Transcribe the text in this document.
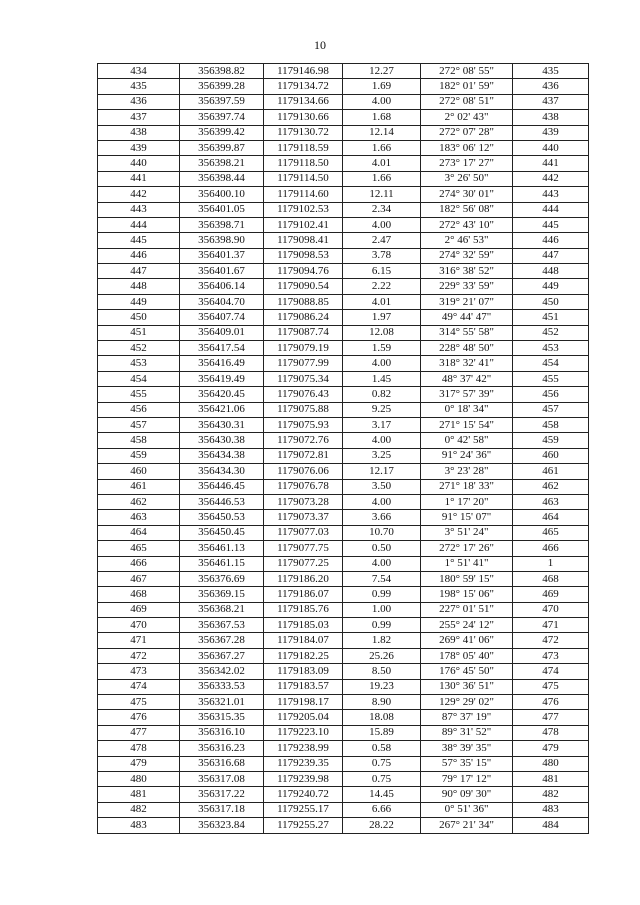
10
434	356398.82	1179146.98	12.27	272° 08' 55"	435
435	356399.28	1179134.72	1.69	182° 01' 59"	436
436	356397.59	1179134.66	4.00	272° 08' 51"	437
437	356397.74	1179130.66	1.68	2° 02' 43"	438
438	356399.42	1179130.72	12.14	272° 07' 28"	439
439	356399.87	1179118.59	1.66	183° 06' 12"	440
440	356398.21	1179118.50	4.01	273° 17' 27"	441
441	356398.44	1179114.50	1.66	3° 26' 50"	442
442	356400.10	1179114.60	12.11	274° 30' 01"	443
443	356401.05	1179102.53	2.34	182° 56' 08"	444
444	356398.71	1179102.41	4.00	272° 43' 10"	445
445	356398.90	1179098.41	2.47	2° 46' 53"	446
446	356401.37	1179098.53	3.78	274° 32' 59"	447
447	356401.67	1179094.76	6.15	316° 38' 52"	448
448	356406.14	1179090.54	2.22	229° 33' 59"	449
449	356404.70	1179088.85	4.01	319° 21' 07"	450
450	356407.74	1179086.24	1.97	49° 44' 47"	451
451	356409.01	1179087.74	12.08	314° 55' 58"	452
452	356417.54	1179079.19	1.59	228° 48' 50"	453
453	356416.49	1179077.99	4.00	318° 32' 41"	454
454	356419.49	1179075.34	1.45	48° 37' 42"	455
455	356420.45	1179076.43	0.82	317° 57' 39"	456
456	356421.06	1179075.88	9.25	0° 18' 34"	457
457	356430.31	1179075.93	3.17	271° 15' 54"	458
458	356430.38	1179072.76	4.00	0° 42' 58"	459
459	356434.38	1179072.81	3.25	91° 24' 36"	460
460	356434.30	1179076.06	12.17	3° 23' 28"	461
461	356446.45	1179076.78	3.50	271° 18' 33"	462
462	356446.53	1179073.28	4.00	1° 17' 20"	463
463	356450.53	1179073.37	3.66	91° 15' 07"	464
464	356450.45	1179077.03	10.70	3° 51' 24"	465
465	356461.13	1179077.75	0.50	272° 17' 26"	466
466	356461.15	1179077.25	4.00	1° 51' 41"	1
467	356376.69	1179186.20	7.54	180° 59' 15"	468
468	356369.15	1179186.07	0.99	198° 15' 06"	469
469	356368.21	1179185.76	1.00	227° 01' 51"	470
470	356367.53	1179185.03	0.99	255° 24' 12"	471
471	356367.28	1179184.07	1.82	269° 41' 06"	472
472	356367.27	1179182.25	25.26	178° 05' 40"	473
473	356342.02	1179183.09	8.50	176° 45' 50"	474
474	356333.53	1179183.57	19.23	130° 36' 51"	475
475	356321.01	1179198.17	8.90	129° 29' 02"	476
476	356315.35	1179205.04	18.08	87° 37' 19"	477
477	356316.10	1179223.10	15.89	89° 31' 52"	478
478	356316.23	1179238.99	0.58	38° 39' 35"	479
479	356316.68	1179239.35	0.75	57° 35' 15"	480
480	356317.08	1179239.98	0.75	79° 17' 12"	481
481	356317.22	1179240.72	14.45	90° 09' 30"	482
482	356317.18	1179255.17	6.66	0° 51' 36"	483
483	356323.84	1179255.27	28.22	267° 21' 34"	484
